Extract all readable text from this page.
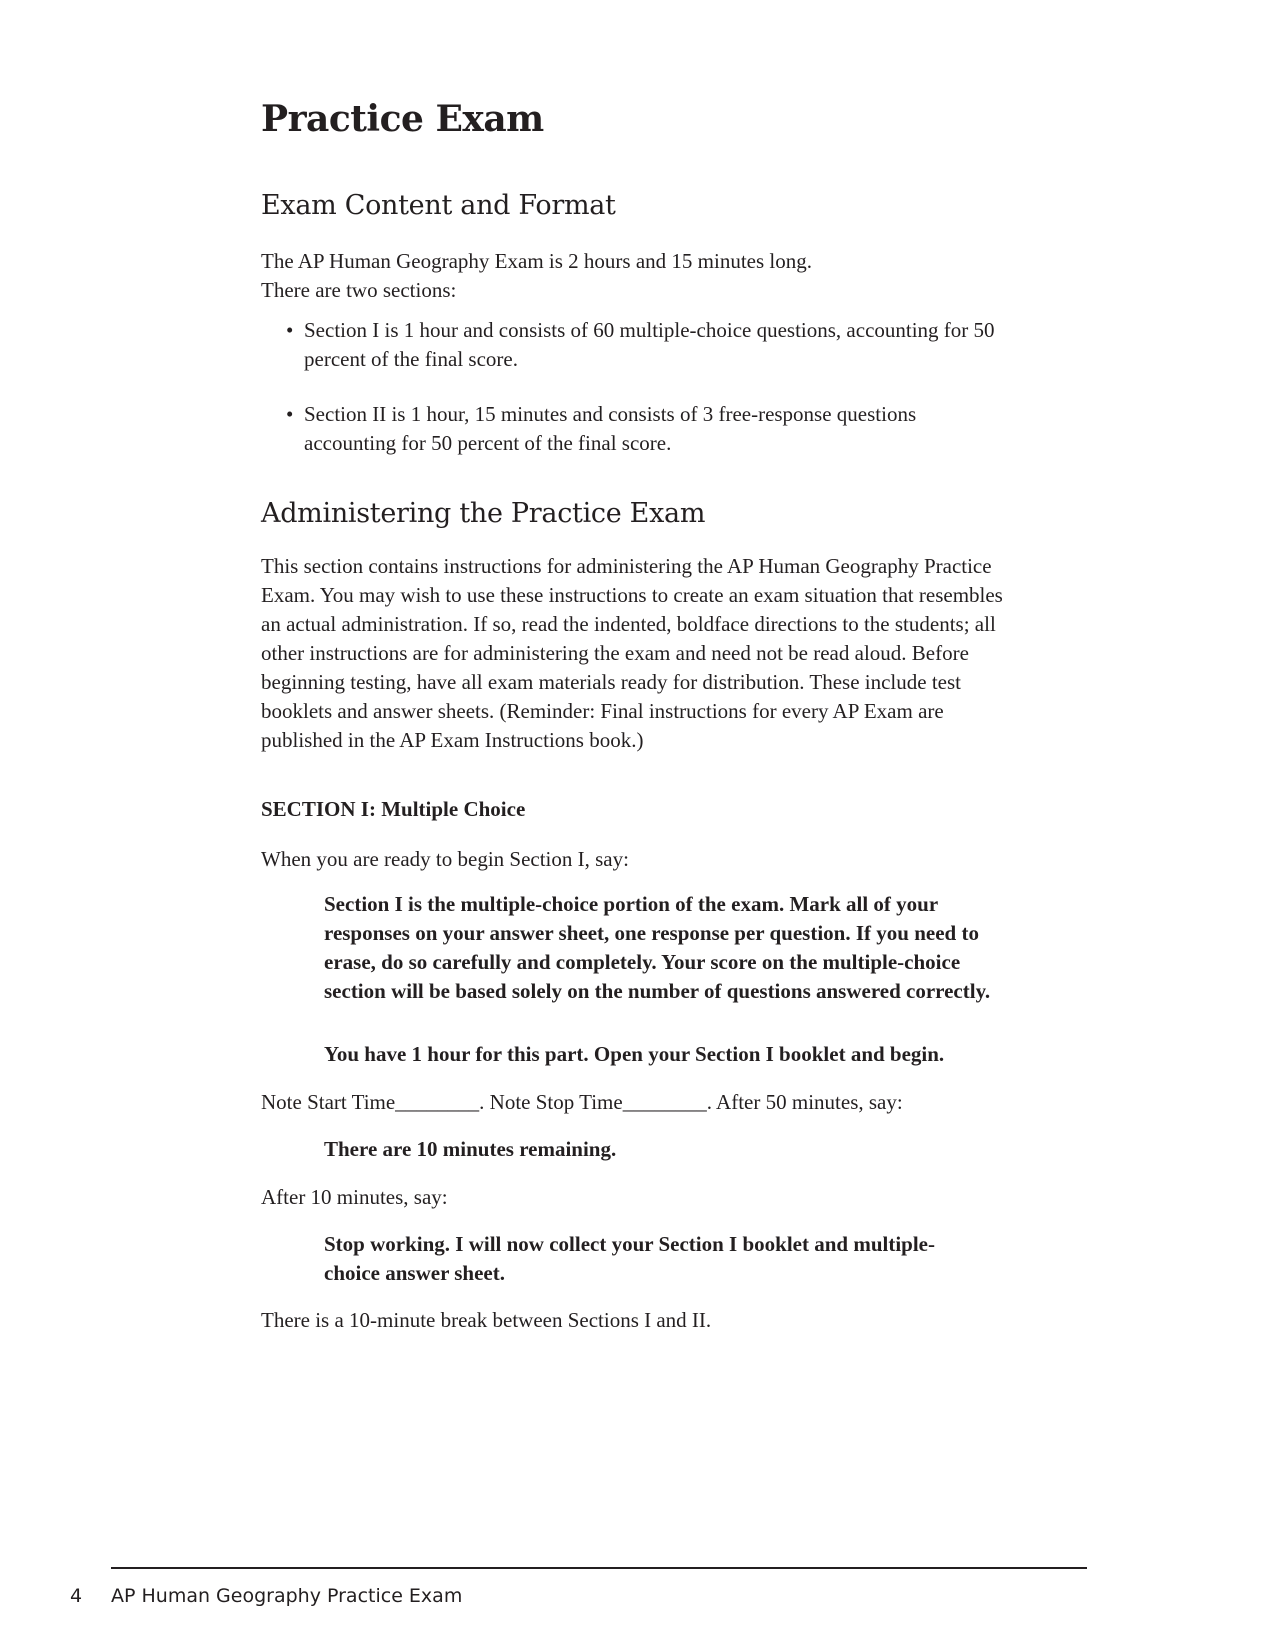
Practice Exam
Exam Content and Format

The AP Human Geography Exam is 2 hours and 15 minutes long.

There are two sections:

• Section I is 1 hour and consists of 60 multiple-choice questions, accounting for 50 percent of the final score.
• Section II is 1 hour, 15 minutes and consists of 3 free-response questions accounting for 50 percent of the final score.
Administering the Practice Exam

This section contains instructions for administering the AP Human Geography Practice Exam. You may wish to use these instructions to create an exam situation that resembles an actual administration. If so, read the indented, boldface directions to the students; all other instructions are for administering the exam and need not be read aloud. Before beginning testing, have all exam materials ready for distribution. These include test booklets and answer sheets. (Reminder: Final instructions for every AP Exam are published in the AP Exam Instructions book.)

SECTION I: Multiple Choice

When you are ready to begin Section I, say:

Section I is the multiple-choice portion of the exam. Mark all of your responses on your answer sheet, one response per question. If you need to erase, do so carefully and completely. Your score on the multiple-choice section will be based solely on the number of questions answered correctly.

You have 1 hour for this part. Open your Section I booklet and begin.

Note Start Time________. Note Stop Time________. After 50 minutes, say:

There are 10 minutes remaining.

After 10 minutes, say:

Stop working. I will now collect your Section I booklet and multiple-choice answer sheet.

There is a 10-minute break between Sections I and II.

4 AP Human Geography Practice Exam
